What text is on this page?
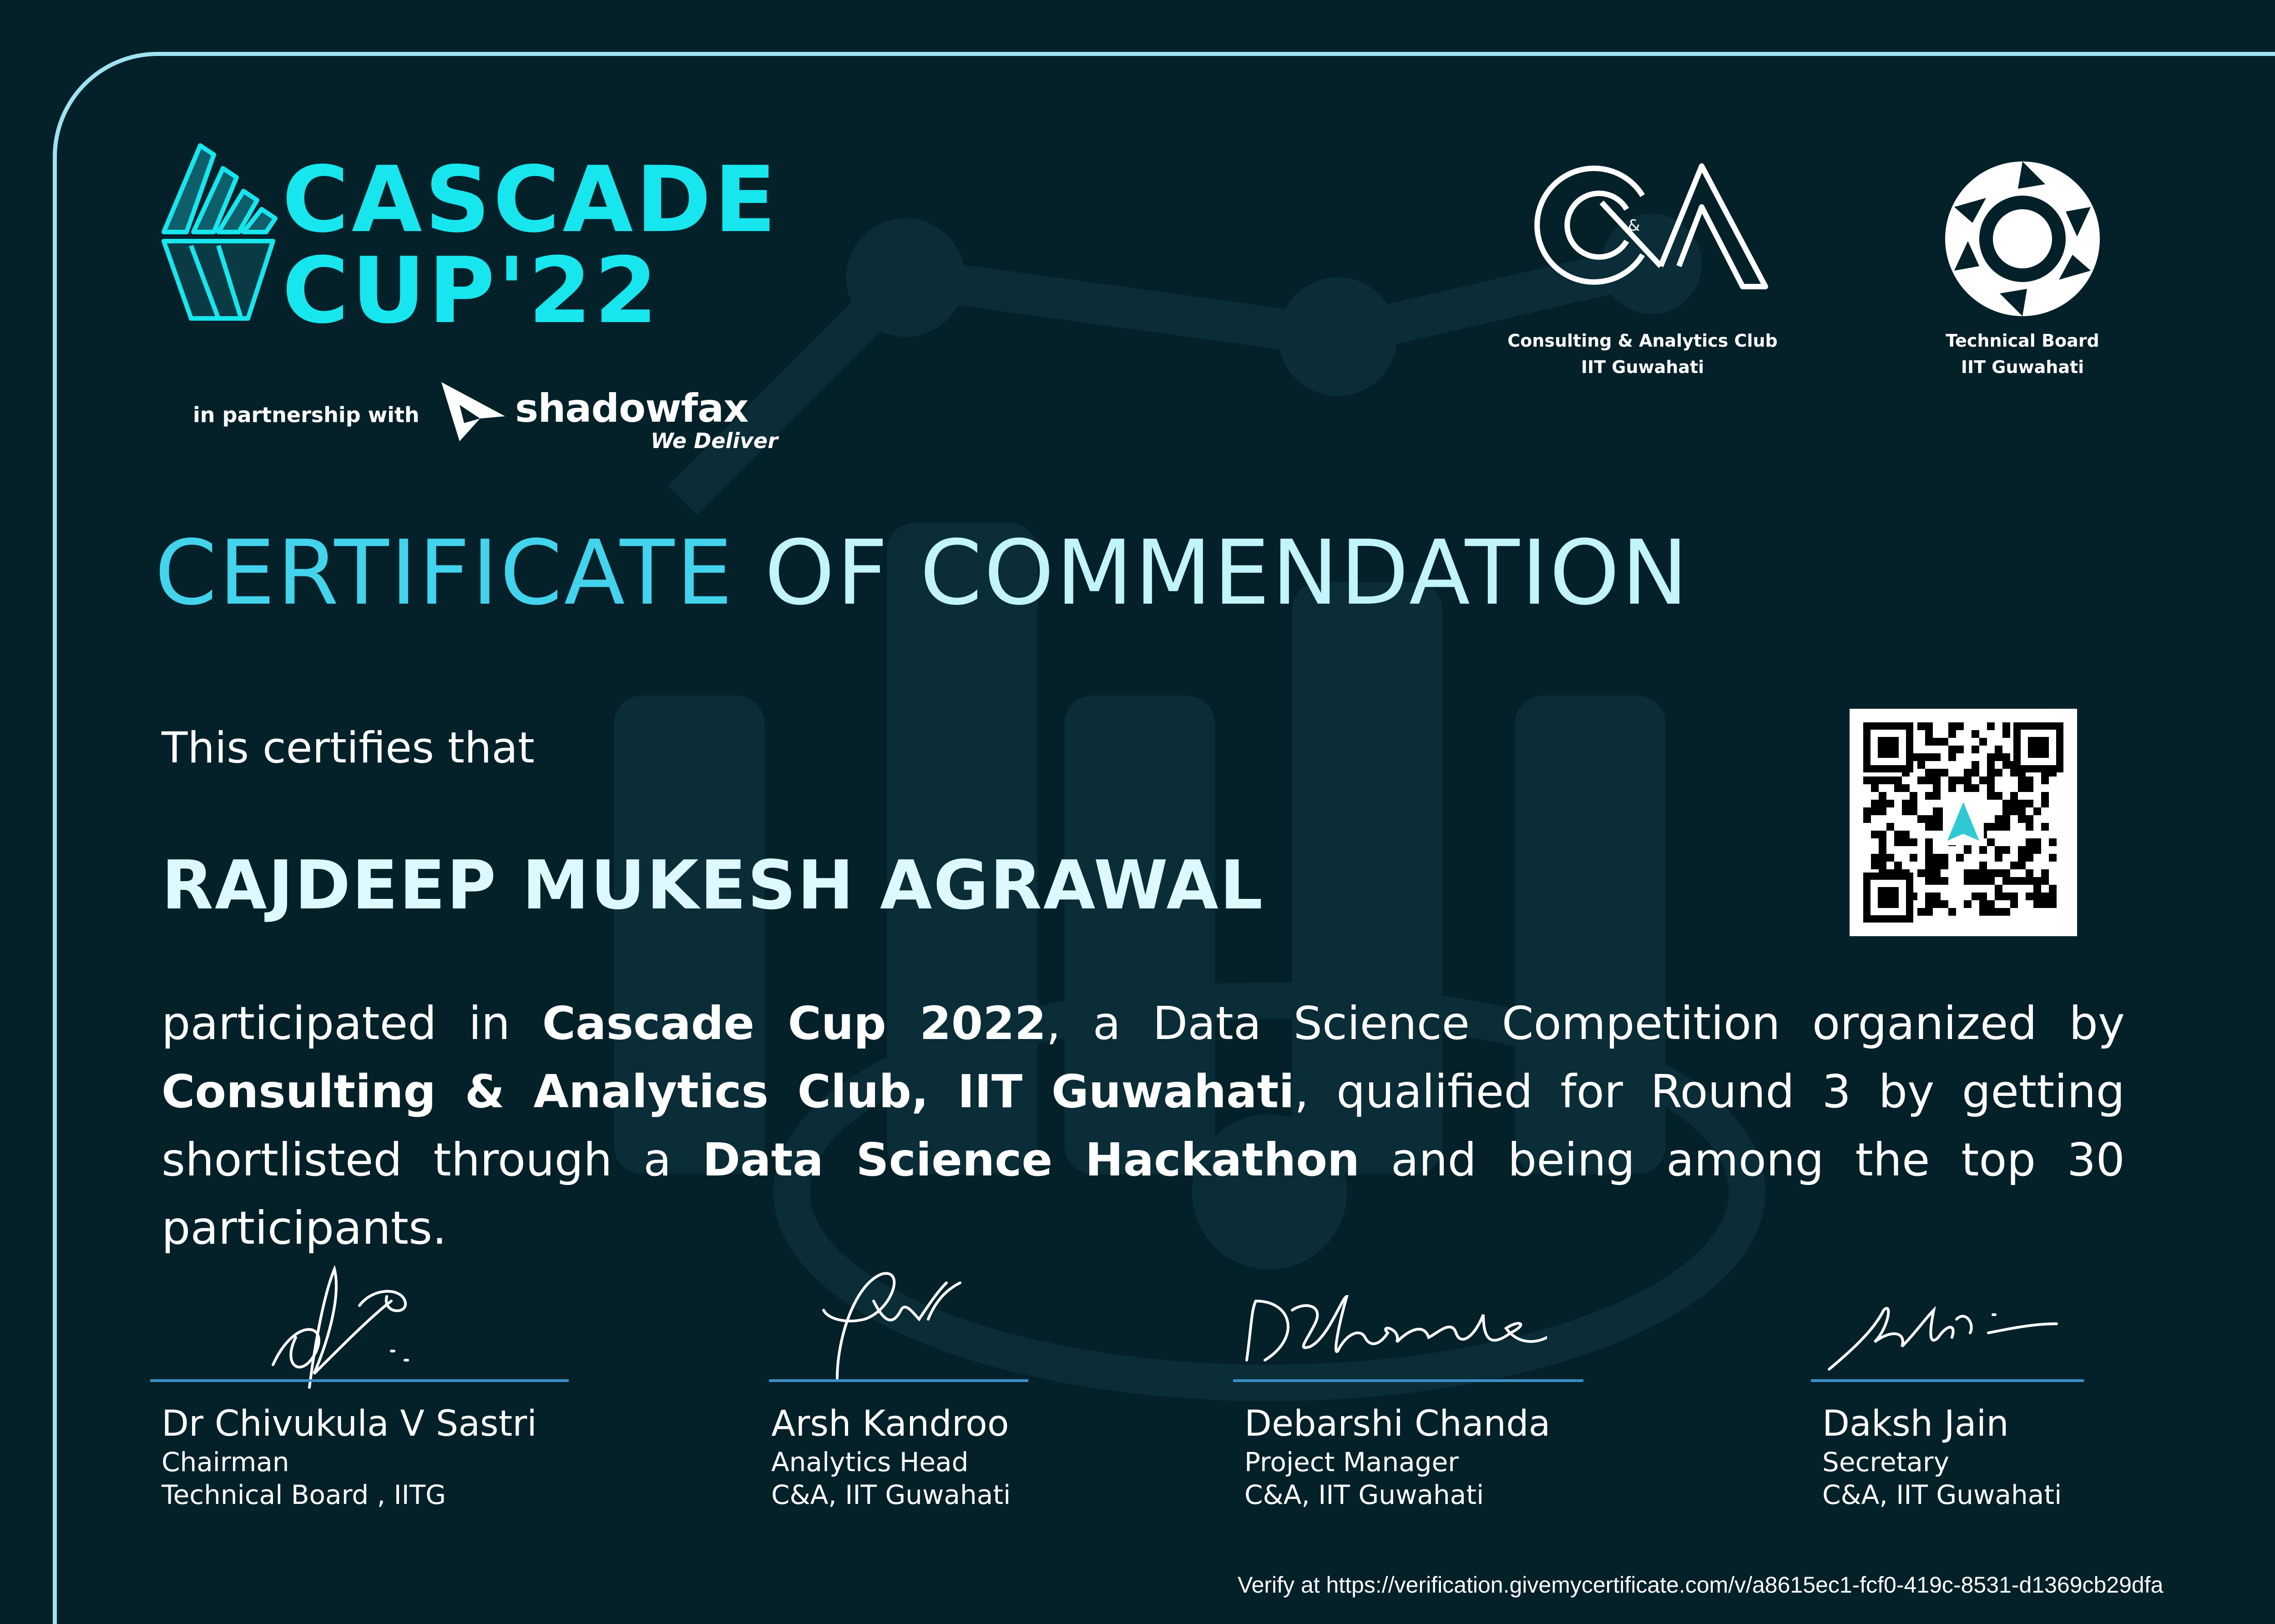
CASCADE
CUP'22
in partnership with shadowfax
We Deliver
&
Consulting & Analytics Club
IIT Guwahati
Technical Board
IIT Guwahati
CERTIFICATE OF COMMENDATION
This certifies that
RAJDEEP MUKESH AGRAWAL
participated in Cascade Cup 2022, a Data Science Competition organized by Consulting & Analytics Club, IIT Guwahati, qualified for Round 3 by getting shortlisted through a Data Science Hackathon and being among the top 30 participants.
Dr Chivukula V Sastri
Chairman
Technical Board , IITG
Arsh Kandroo
Analytics Head
C&A, IIT Guwahati
Debarshi Chanda
Project Manager
C&A, IIT Guwahati
Daksh Jain
Secretary
C&A, IIT Guwahati
Verify at https://verification.givemycertificate.com/v/a8615ec1-fcf0-419c-8531-d1369cb29dfa
